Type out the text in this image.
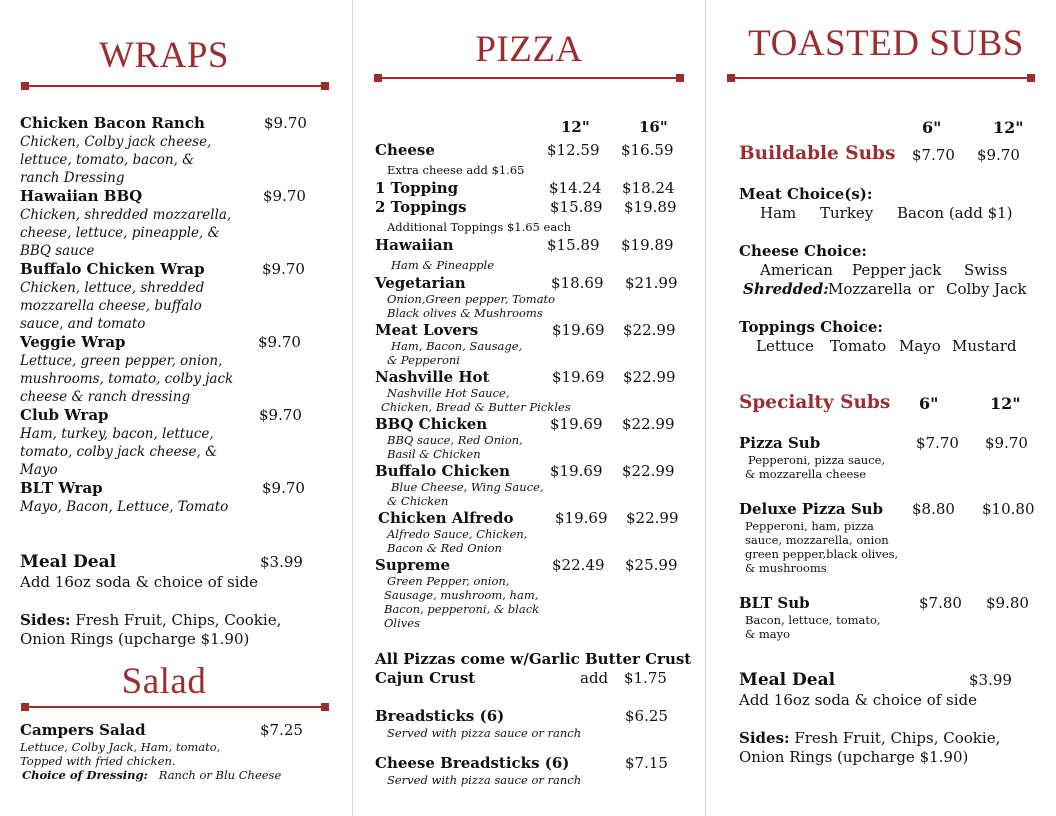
WRAPS
Chicken Bacon Ranch	$9.70
Chicken, Colby jack cheese,
lettuce, tomato, bacon, &
ranch Dressing
Hawaiian BBQ	$9.70
Chicken, shredded mozzarella,
cheese, lettuce, pineapple, &
BBQ sauce
Buffalo Chicken Wrap	$9.70
Chicken, lettuce, shredded
mozzarella cheese, buffalo
sauce, and tomato
Veggie Wrap	$9.70
Lettuce, green pepper, onion,
mushrooms, tomato, colby jack
cheese & ranch dressing
Club Wrap	$9.70
Ham, turkey, bacon, lettuce,
tomato, colby jack cheese, &
Mayo
BLT Wrap	$9.70
Mayo, Bacon, Lettuce, Tomato
Meal Deal	$3.99
Add 16oz soda & choice of side
Sides: Fresh Fruit, Chips, Cookie,
Onion Rings (upcharge $1.90)
Salad
Campers Salad	$7.25
Lettuce, Colby Jack, Ham, tomato,
Topped with fried chicken.
Choice of Dressing: Ranch or Blu Cheese
PIZZA
12"	16"
Cheese	$12.59 $16.59
Extra cheese add $1.65
1 Topping	$14.24 $18.24
2 Toppings	$15.89 $19.89
Additional Toppings $1.65 each
Hawaiian	$15.89 $19.89
Ham & Pineapple
Vegetarian	$18.69 $21.99
Onion,Green pepper, Tomato
Black olives & Mushrooms
Meat Lovers	$19.69 $22.99
Ham, Bacon, Sausage,
& Pepperoni
Nashville Hot	$19.69 $22.99
Nashville Hot Sauce,
Chicken, Bread & Butter Pickles
BBQ Chicken	$19.69 $22.99
BBQ sauce, Red Onion,
Basil & Chicken
Buffalo Chicken	$19.69 $22.99
Blue Cheese, Wing Sauce,
& Chicken
Chicken Alfredo	$19.69 $22.99
Alfredo Sauce, Chicken,
Bacon & Red Onion
Supreme	$22.49 $25.99
Green Pepper, onion,
Sausage, mushroom, ham,
Bacon, pepperoni, & black
Olives
All Pizzas come w/Garlic Butter Crust
Cajun Crust	add $1.75
Breadsticks (6)	$6.25
Served with pizza sauce or ranch
Cheese Breadsticks (6)	$7.15
Served with pizza sauce or ranch
TOASTED SUBS
6"	12"
Buildable Subs $7.70 $9.70
Meat Choice(s):
Ham Turkey Bacon (add $1)
Cheese Choice:
American Pepper jack Swiss
Shredded: Mozzarella or Colby Jack
Toppings Choice:
Lettuce Tomato Mayo Mustard
Specialty Subs 6"	12"
Pizza Sub	$7.70 $9.70
Pepperoni, pizza sauce,
& mozzarella cheese
Deluxe Pizza Sub $8.80 $10.80
Pepperoni, ham, pizza
sauce, mozzarella, onion
green pepper,black olives,
& mushrooms
BLT Sub	$7.80 $9.80
Bacon, lettuce, tomato,
& mayo
Meal Deal	$3.99
Add 16oz soda & choice of side
Sides: Fresh Fruit, Chips, Cookie,
Onion Rings (upcharge $1.90)
